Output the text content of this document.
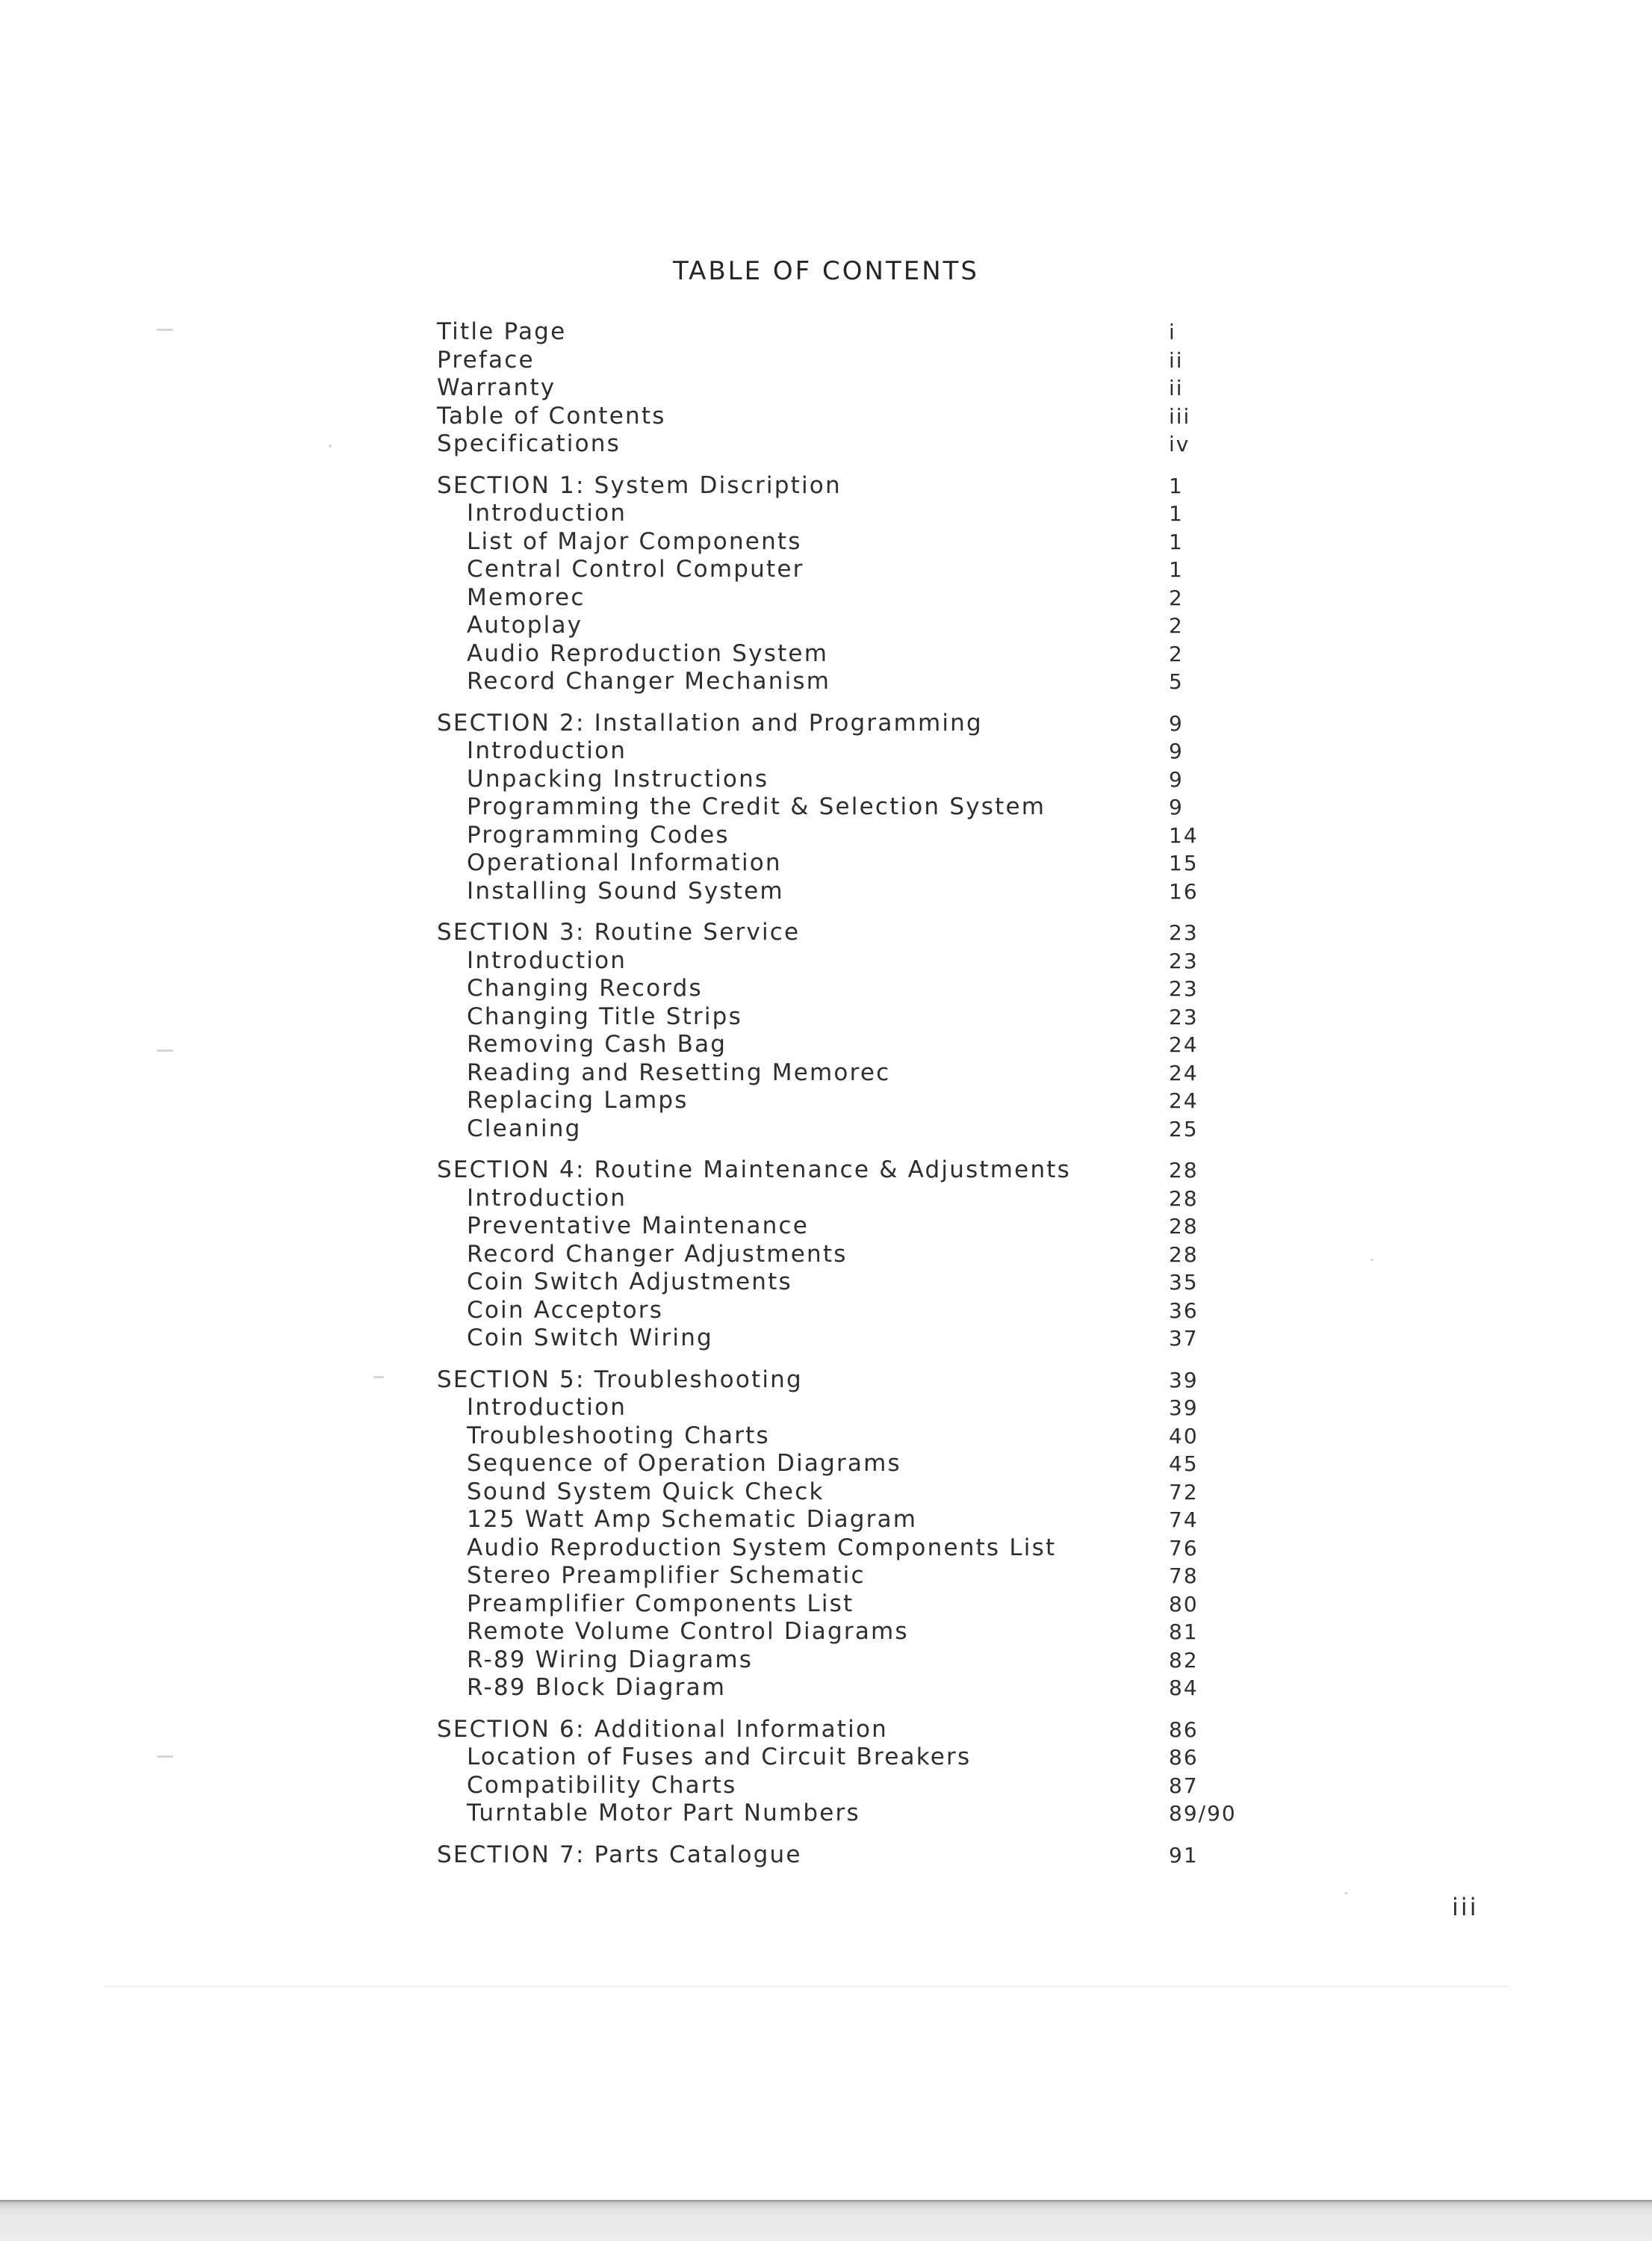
TABLE OF CONTENTS
Title Page	i
Preface	ii
Warranty	ii
Table of Contents	iii
Specifications	iv
SECTION 1: System Discription	1
Introduction	1
List of Major Components	1
Central Control Computer	1
Memorec	2
Autoplay	2
Audio Reproduction System	2
Record Changer Mechanism	5
SECTION 2: Installation and Programming	9
Introduction	9
Unpacking Instructions	9
Programming the Credit & Selection System	9
Programming Codes	14
Operational Information	15
Installing Sound System	16
SECTION 3: Routine Service	23
Introduction	23
Changing Records	23
Changing Title Strips	23
Removing Cash Bag	24
Reading and Resetting Memorec	24
Replacing Lamps	24
Cleaning	25
SECTION 4: Routine Maintenance & Adjustments	28
Introduction	28
Preventative Maintenance	28
Record Changer Adjustments	28
Coin Switch Adjustments	35
Coin Acceptors	36
Coin Switch Wiring	37
SECTION 5: Troubleshooting	39
Introduction	39
Troubleshooting Charts	40
Sequence of Operation Diagrams	45
Sound System Quick Check	72
125 Watt Amp Schematic Diagram	74
Audio Reproduction System Components List	76
Stereo Preamplifier Schematic	78
Preamplifier Components List	80
Remote Volume Control Diagrams	81
R-89 Wiring Diagrams	82
R-89 Block Diagram	84
SECTION 6: Additional Information	86
Location of Fuses and Circuit Breakers	86
Compatibility Charts	87
Turntable Motor Part Numbers	89/90
SECTION 7: Parts Catalogue	91
iii
